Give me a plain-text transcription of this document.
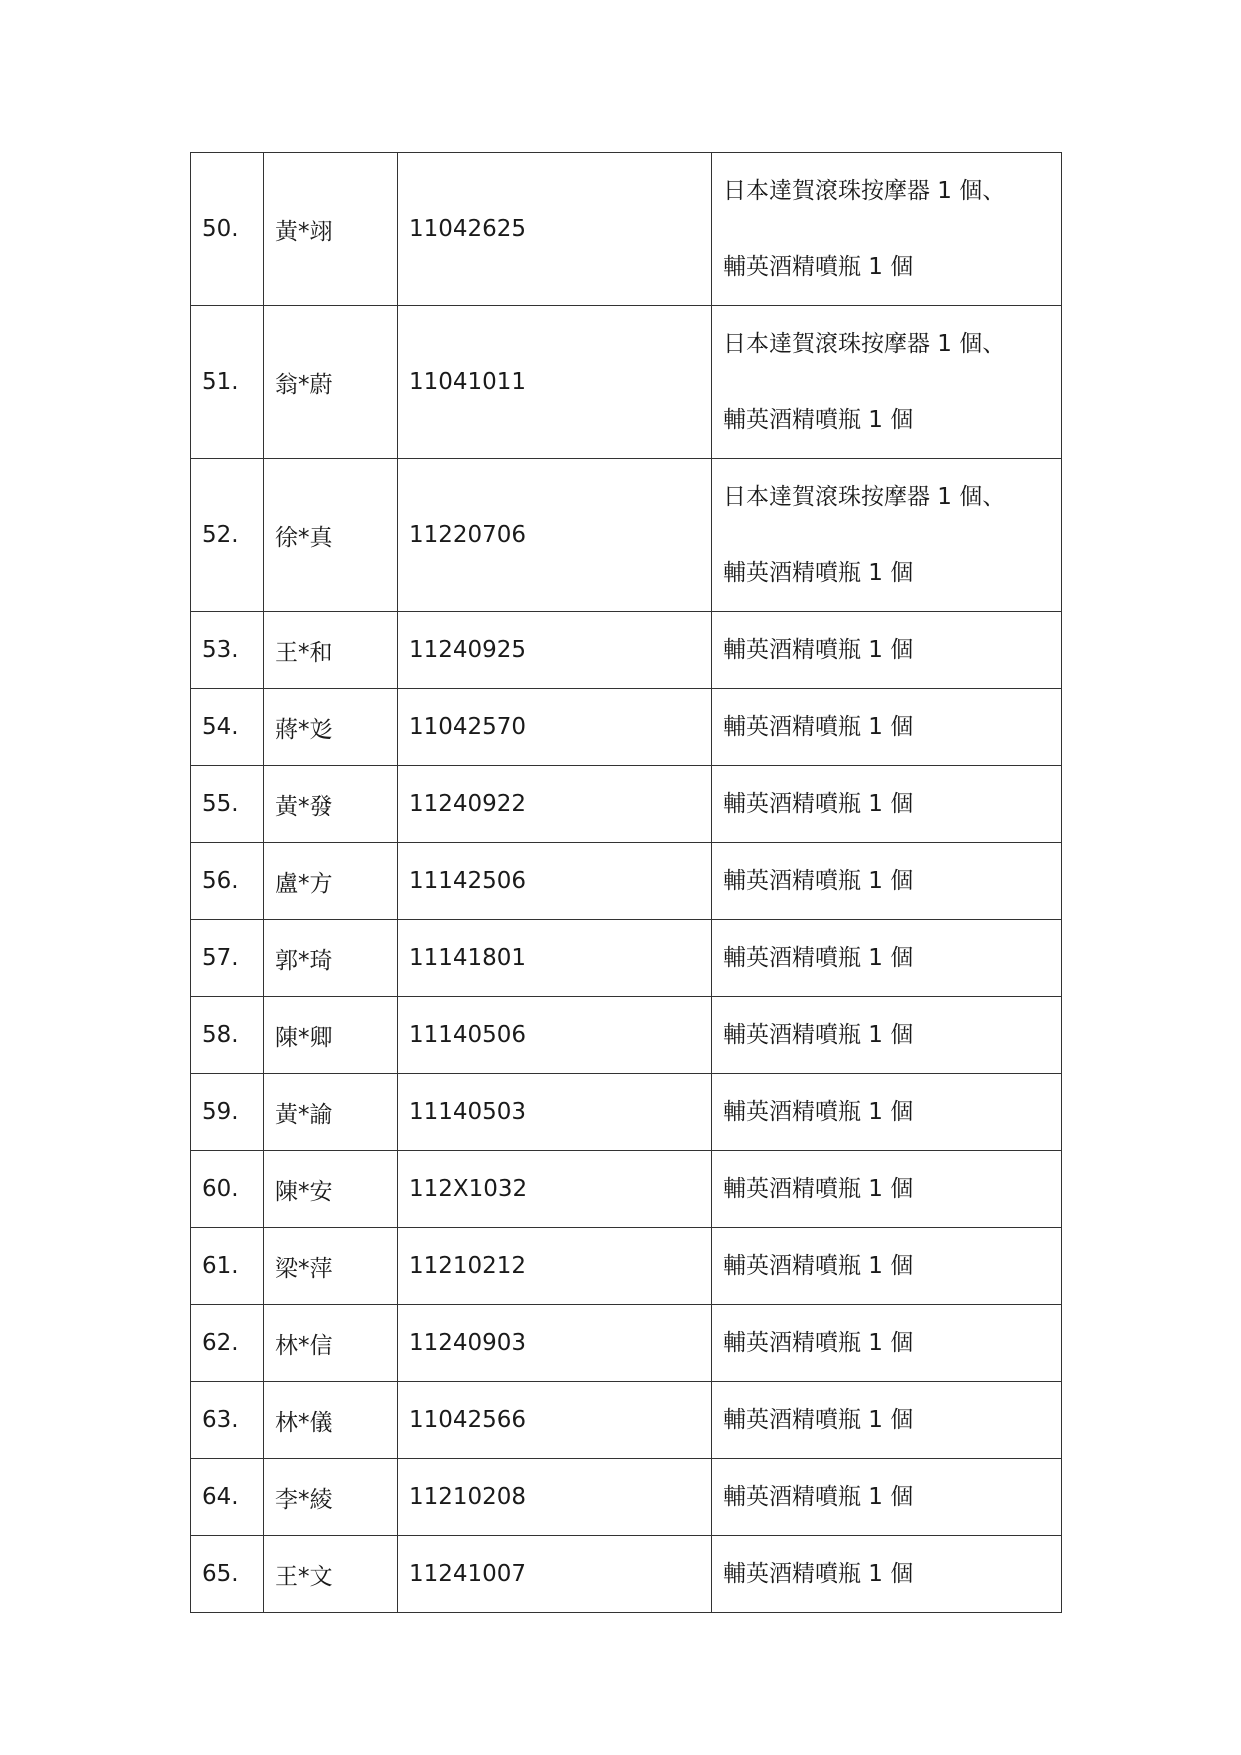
50.	黃*翊	11042625	日本達賀滾珠按摩器 1 個、
輔英酒精噴瓶 1 個

51.	翁*蔚	11041011	日本達賀滾珠按摩器 1 個、
輔英酒精噴瓶 1 個

52.	徐*真	11220706	日本達賀滾珠按摩器 1 個、
輔英酒精噴瓶 1 個

53.	王*和	11240925	輔英酒精噴瓶 1 個

54.	蔣*彣	11042570	輔英酒精噴瓶 1 個

55.	黃*發	11240922	輔英酒精噴瓶 1 個

56.	盧*方	11142506	輔英酒精噴瓶 1 個

57.	郭*琦	11141801	輔英酒精噴瓶 1 個

58.	陳*卿	11140506	輔英酒精噴瓶 1 個

59.	黃*諭	11140503	輔英酒精噴瓶 1 個

60.	陳*安	112X1032	輔英酒精噴瓶 1 個

61.	梁*萍	11210212	輔英酒精噴瓶 1 個

62.	林*信	11240903	輔英酒精噴瓶 1 個

63.	林*儀	11042566	輔英酒精噴瓶 1 個

64.	李*綾	11210208	輔英酒精噴瓶 1 個

65.	王*文	11241007	輔英酒精噴瓶 1 個
